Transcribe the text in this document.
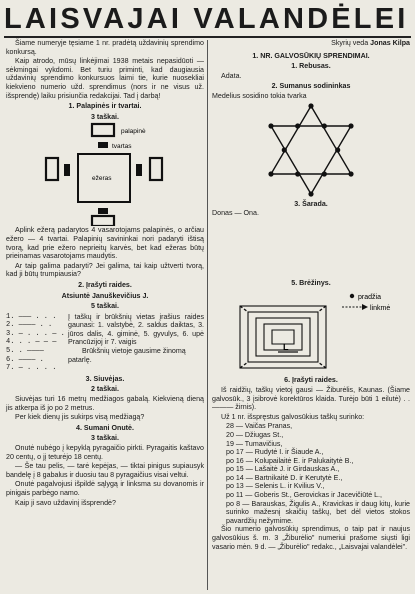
LAISVAJAI VALANDĖLEI

Šiame numeryje tęsiame 1 nr. pradėtą uždavinių sprendimo konkursą.

Kaip atrodo, mūsų linkėjimai 1938 metais nepasidūoti — sėkmingai vykdomi. Bet turiu priminti, kad daugiausia uždavinių sprendimo konkursuos laimi tie, kurie nuosekliai kiekvieno numerio užd. sprendimus (nors ir ne visus už. išsprendę) laiku prisiunčia redakcijai. Tad į darbą!

1. Palapinės ir tvartai.
3 taškai.
palapinė
tvartas
ežeras

Aplink ežerą padarytos 4 vasarotojams palapinės, o arčiau ežero — 4 tvartai. Palapinių savininkai nori padaryti ištisą tvorą, kad prie ežero neprieitų karvės, bet kad ežeras būtų prieinamas vasarotojams maudytis.

Ar taip galima padaryti? Jei galima, tai kaip užtverti tvorą, kad ji būtų trumpiausia?

2. Įrašyti raides.
Atsiuntė Januškevičius J.
5 taškai.
1. ——— . . .
2. ———— . .
3. — . . . — .
4. . . — — —
5. . ————
6. ———— .
7. — . . . .
Į taškų ir brūkšnių vietas įrašius raides gaunasi: 1. valstybė, 2. saldus daiktas, 3. jūros dalis, 4. giminė, 5. gyvulys, 6. upė Prancūzijoj ir 7. vaigis
Brūkšnių vietoje gausime žinomą patarlę.
3. Siuvėjas.
2 taškai.

Siuvėjas turi 16 metrų medžiagos gabalą. Kiekvieną dieną jis atkerpa iš jo po 2 metrus.

Per kiek dienų jis sukirps visą medžiagą?

4. Sumani Onutė.
3 taškai.

Onutė nubėgo į kepyklą pyragaičio pirkti. Pyragaitis kaštavo 20 centų, o jį teturėjo 18 centų.

— Še tau pelis, — tarė kepėjas, — tiktai pinigus supiausyk bandelę į 8 gabalus ir duosiu tau 8 pyragaičius visai veltui.

Onutė pagalvojusi išpildė sąlygą ir linksma su dovanomis ir pinigais parbėgo namo.

Kaip ji savo uždavinį išsprendė?

Skyrių veda Jonas Kilpa
1. NR. GALVOSŪKIŲ SPRENDIMAI.
1. Rebusas.

Adata.

2. Sumanus sodininkas

Medelius sosidino tokia tvarka

3. Šarada.

Donas — Ona.

5. Brėžinys.
L
pradžia
linkmė
6. Įrašyti raides.

Iš raidžių, taškų vietoj gausi — Žiburėlis, Kaunas. (Šiame galvosūk., 3 įsibrovė korektūros klaida. Turėjo būti 1 eilutė) . . ——— žirnis).

Už 1 nr. išspręstus galvosūkius taškų surinko:

28 — Vaičas Pranas,
20 — Džiugas St.,
19 — Tumavičius,
po 17 — Rudytė I. ir Šiaude A.,
po 16 — Kolupailaitė E. ir Palukaitytė B.,
po 15 — Lašaitė J. ir Girdauskas A.,
po 14 — Bartnikaitė D. ir Kerutytė E.,
po 13 — Selenis L. ir Kvilius V.,
po 11 — Goberis St., Gerovickas ir Jacevičiūtė L.,
po 8 — Barauskas, Žigulis A., Kravickas ir daug kitų, kurie surinko mažesnį skaičių taškų, bet dėl vietos stokos pavardžių nežymime.

Šio numerio galvosūkių sprendimus, o taip pat ir naujus galvosūkius š. m. 3 „Žiburėlio" numeriui prašome siųsti ligi vasario mėn. 9 d. — „Žiburėlio" redakc., „Laisvajai valandėlei".
